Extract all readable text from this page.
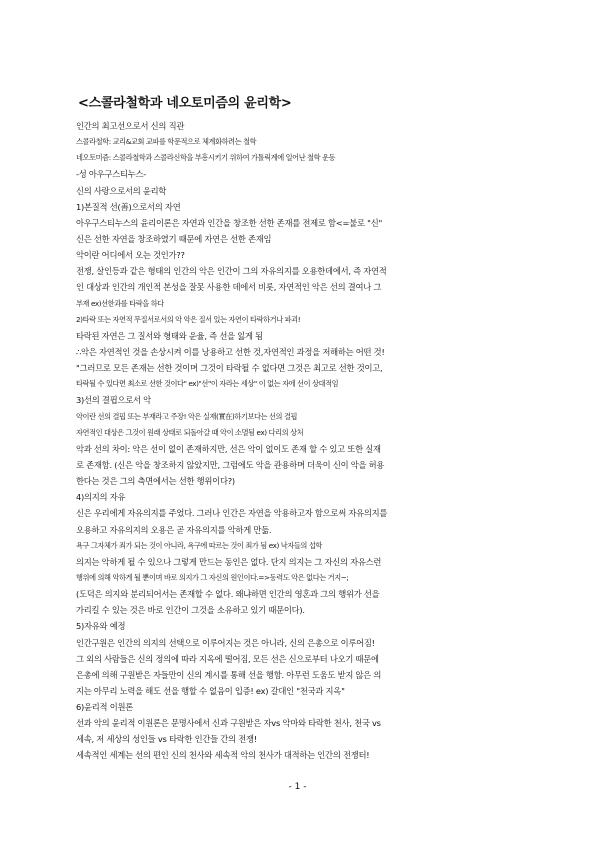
<스콜라철학과 네오토미즘의 윤리학>
인간의 최고선으로서 신의 직관
스콜라철학: 교리&교회 교파를 학문적으로 체계화하려는 철학
네오토미즘: 스콜라철학과 스콜라신학을 부흥시키기 위하여 가톨릭계에 일어난 철학 운동
-성 아우구스티누스-
신의 사랑으로서의 윤리학
1)본질적 선(善)으로서의 자연
아우구스티누스의 윤리이론은 자연과 인간을 창조한 선한 존재를 전제로 함<=불로 "신"
신은 선한 자연을 창조하였기 때문에 자연은 선한 존재임
악이란 어디에서 오는 것인가??
전쟁, 살인등과 같은 형태의 인간의 악은 인간이 그의 자유의지를 오용한데에서, 즉 자연적
인 대상과 인간의 개인적 본성을 잘못 사용한 데에서 비롯, 자연적인 악은 선의 결여나 그
부재 ex)선한과를 타락을 하다
2)타락 또는 자연적 무질서로서의 악 악은 질서 있는 자연이 타락하거나 파괴!
타락된 자연은 그 질서와 형태와 운율, 즉 선을 잃게 됨
∴악은 자연적인 것을 손상시켜 이를 낭용하고 선한 것,자연적인 과정을 저해하는 어떤 것!
"그러므로 모든 존재는 선한 것이며 그것이 타락될 수 없다면 그것은 최고로 선한 것이고,
타락될 수 있다면 최소로 선한 것이다" ex)"선"이 자라는 세상" 이 없는 자에 선이 상대적임
3)선의 결핍으로서 악
악이란 선의 결핍 또는 부재라고 주장! 악은 실재(實在)하기보다는 선의 결핍
자연적인 대상은 그것이 원래 상태로 되돌아갈 때 악이 소멸됨 ex) 다리의 상처
악과 선의 차이: 악은 선이 없이 존재하지만, 선은 악이 없이도 존재 할 수 있고 또한 실재
로 존재함. (신은 악을 창조하지 않았지만, 그럼에도 악을 관용하며 더욱이 신이 악을 허용
한다는 것은 그의 측면에서는 선한 행위이다?)
4)의지의 자유
신은 우리에게 자유의지를 주었다. 그러나 인간은 자연을 악용하고자 함으로써 자유의지를
오용하고 자유의지의 오용은 곧 자유의지를 악하게 만듦.
욕구 그자체가 죄가 되는 것이 아니라, 욕구에 따르는 것이 죄가 됨 ex) 낙자들의 섭학
의지는 악하게 될 수 있으나 그렇게 만드는 동인은 없다. 단지 의지는 그 자신의 자유스런
행위에 의해 악하게 될 뿐이며 바로 의지가 그 자신의 원인이다.=>동력도 악은 없다는 거지~;
(도덕은 의지와 분리되어서는 존재할 수 없다. 왜냐하면 인간의 영혼과 그의 행위가 선을
가리킬 수 있는 것은 바로 인간이 그것을 소유하고 있기 때문이다).
5)자유와 예정
인간구원은 인간의 의지의 선택으로 이루어지는 것은 아니라, 신의 은총으로 이루어짐!
그 외의 사람들은 신의 정의에 따라 지옥에 떨어짐, 모든 선은 신으로부터 나오기 때문에
은총에 의해 구원받은 자들만이 신의 계시를 통해 선을 행함. 아무런 도움도 받지 않은 의
지는 아무리 노력을 해도 선을 행할 수 없음이 입증! ex) 갈대인 "천국과 지옥"
6)윤리적 이원론
선과 악의 윤리적 이원론은 문명사에서 신과 구원받은 자vs 악마와 타락한 천사, 천국 vs
세속, 저 세상의 성인들 vs 타락한 인간들 간의 전쟁!
세속적인 세계는 선의 편인 신의 천사와 세속적 악의 천사가 대적하는 인간의 전쟁터!
- 1 -
